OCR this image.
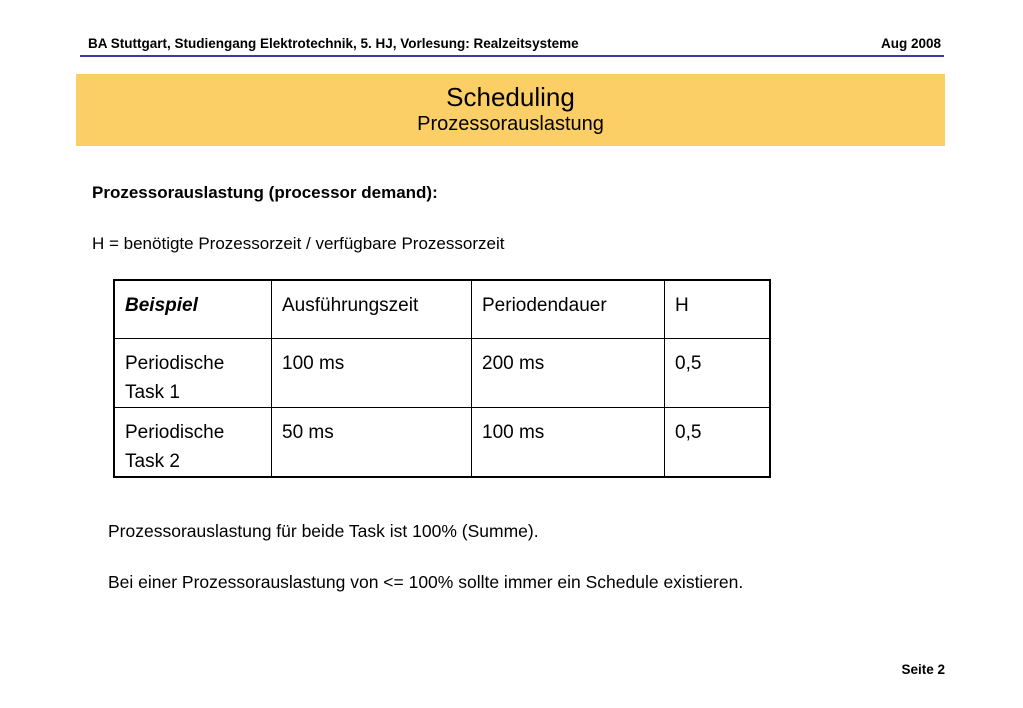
BA Stuttgart, Studiengang Elektrotechnik, 5. HJ, Vorlesung: Realzeitsysteme	Aug 2008
Scheduling
Prozessorauslastung
Prozessorauslastung (processor demand):
H = benötigte Prozessorzeit / verfügbare Prozessorzeit
Beispiel	Ausführungszeit	Periodendauer	H
Periodische
Task 1	100 ms	200 ms	0,5
Periodische
Task 2	50 ms	100 ms	0,5
Prozessorauslastung für beide Task ist 100% (Summe).
Bei einer Prozessorauslastung von <= 100% sollte immer ein Schedule existieren.
Seite 2
